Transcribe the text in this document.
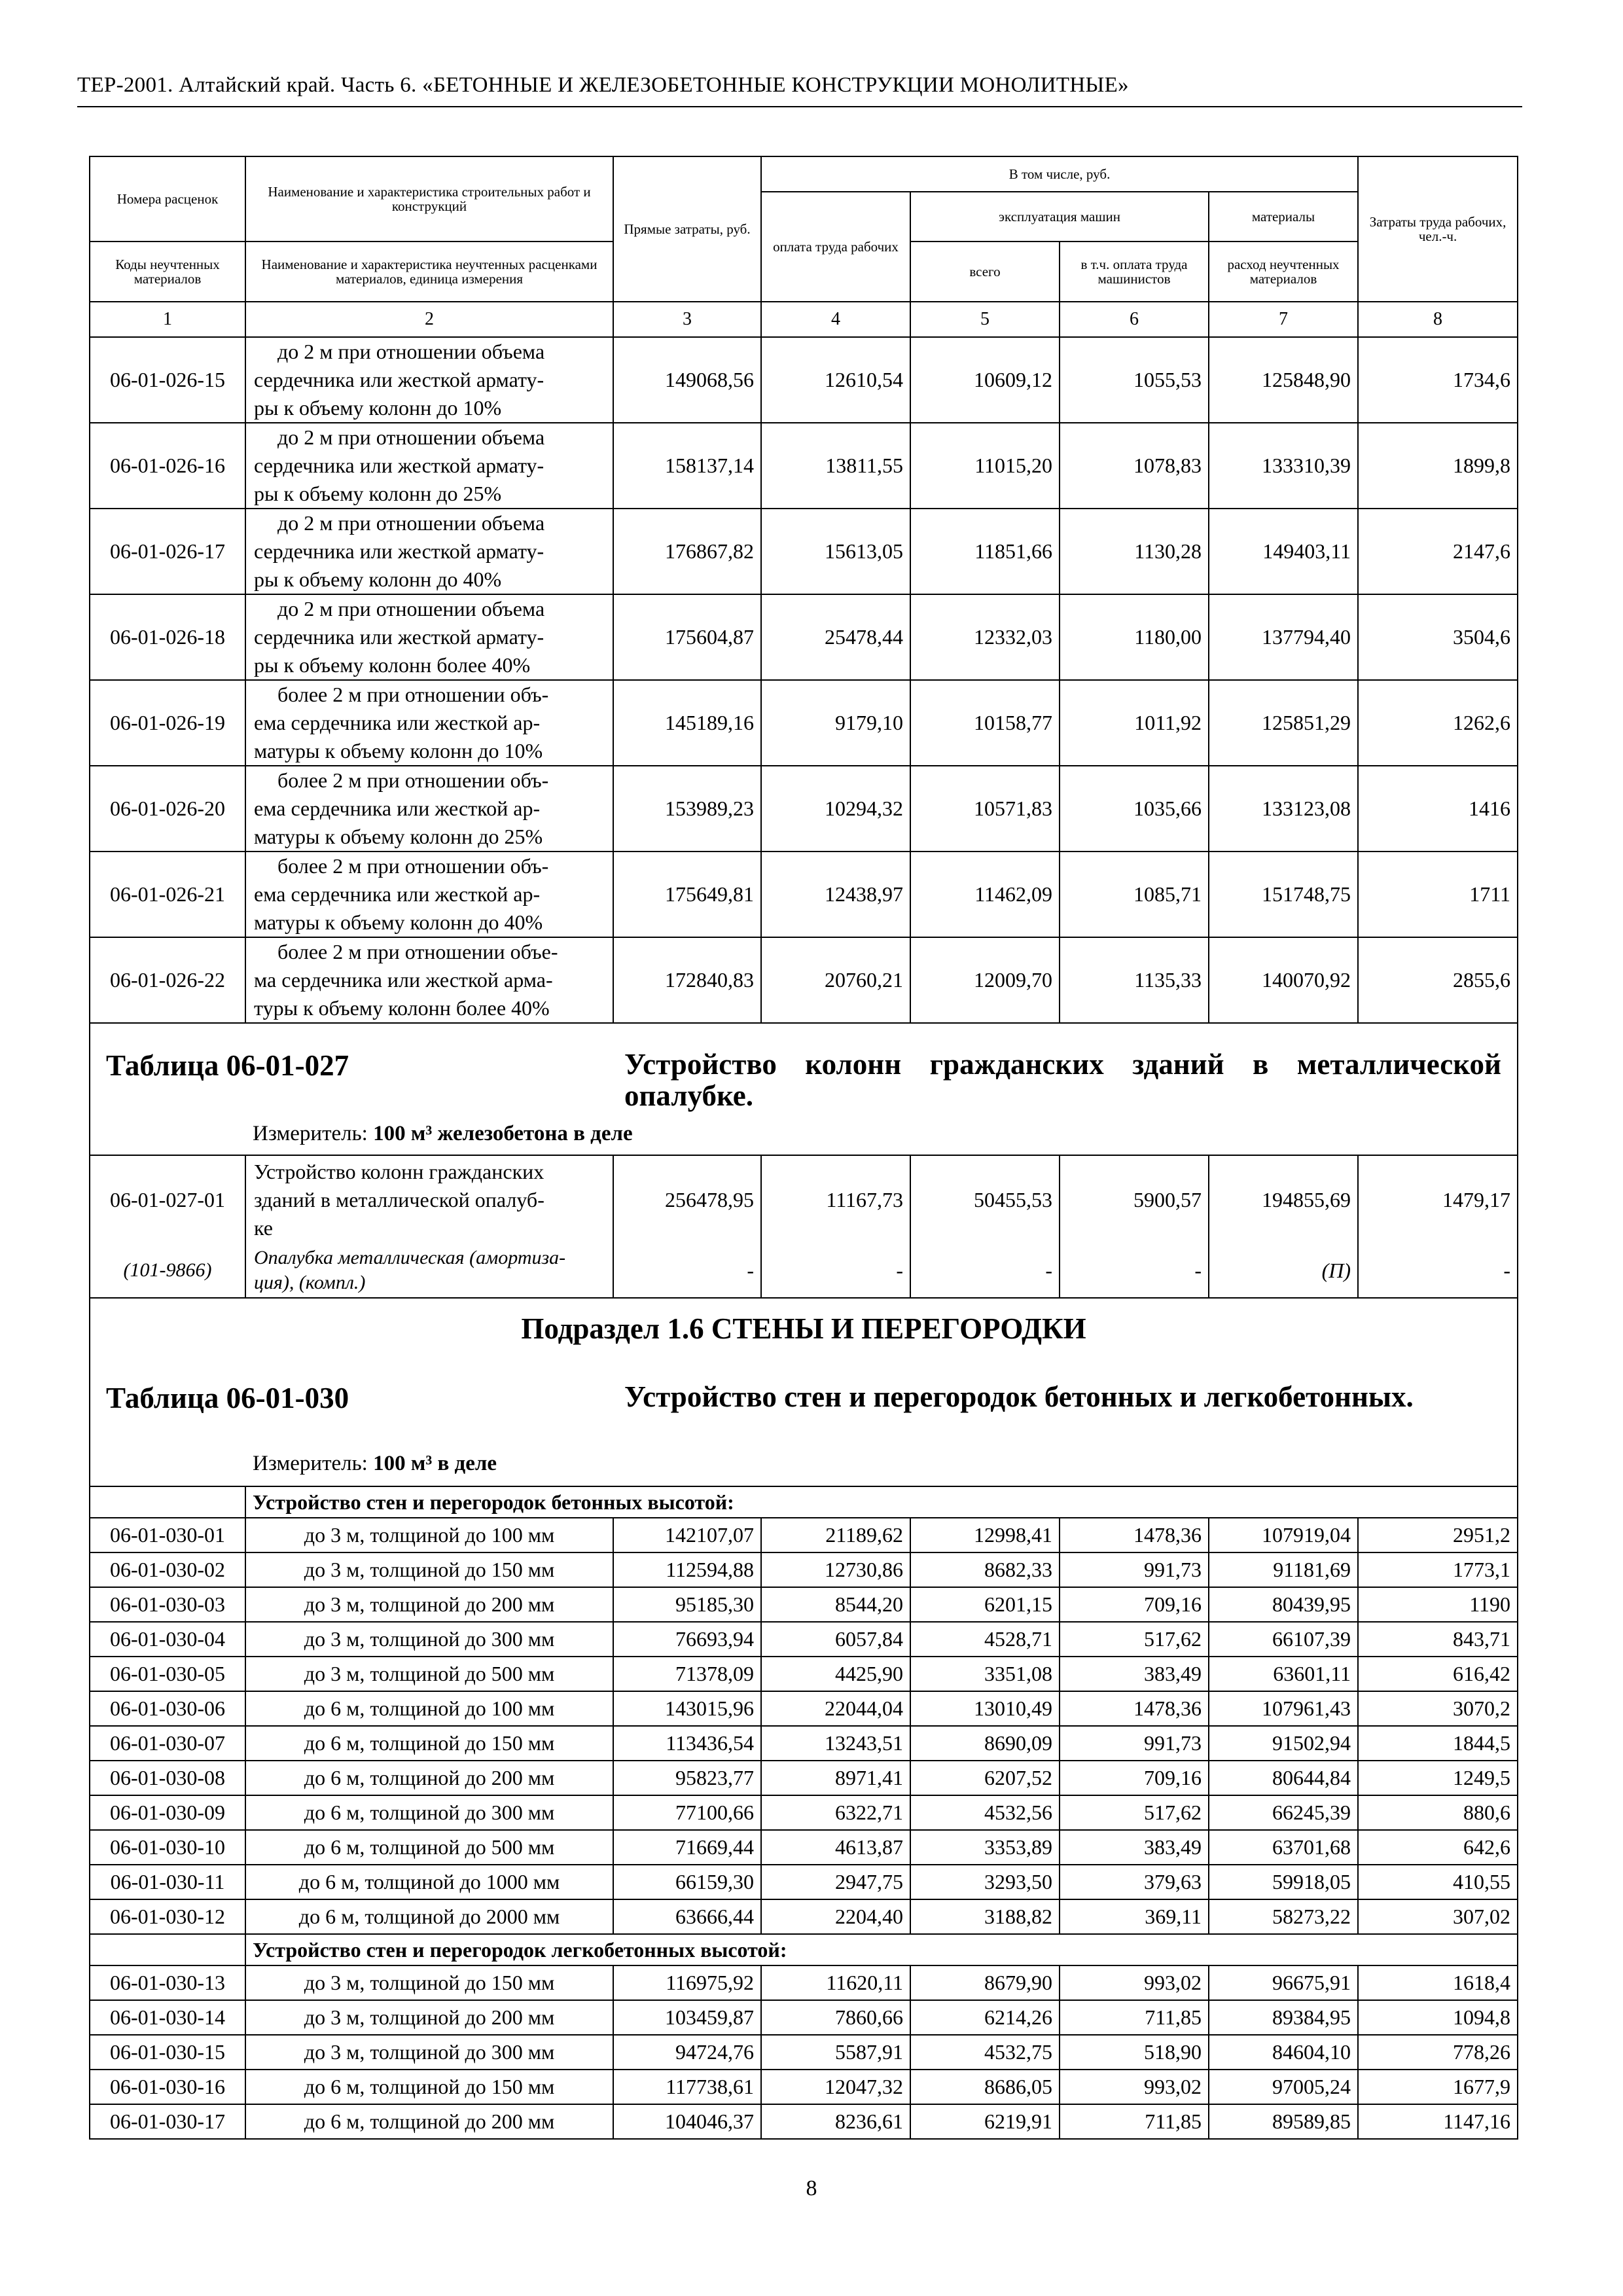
ТЕР-2001. Алтайский край. Часть 6. «БЕТОННЫЕ И ЖЕЛЕЗОБЕТОННЫЕ КОНСТРУКЦИИ МОНОЛИТНЫЕ»
Номера расценок	Наименование и характеристика строительных работ и конструкций	Прямые затраты, руб.	В том числе, руб.				Затраты труда рабочих, чел.-ч.
			оплата труда рабочих	эксплуатация машин		материалы	
Коды неучтенных материалов	Наименование и характеристика неучтенных расценками материалов, единица измерения			всего	в т.ч. оплата труда машинистов	расход неучтенных материалов	
1	2	3	4	5	6	7	8
06-01-026-15	до 2 м при отношении объема
сердечника или жесткой армату-
ры к объему колонн до 10%	149068,56	12610,54	10609,12	1055,53	125848,90	1734,6
06-01-026-16	до 2 м при отношении объема
сердечника или жесткой армату-
ры к объему колонн до 25%	158137,14	13811,55	11015,20	1078,83	133310,39	1899,8
06-01-026-17	до 2 м при отношении объема
сердечника или жесткой армату-
ры к объему колонн до 40%	176867,82	15613,05	11851,66	1130,28	149403,11	2147,6
06-01-026-18	до 2 м при отношении объема
сердечника или жесткой армату-
ры к объему колонн более 40%	175604,87	25478,44	12332,03	1180,00	137794,40	3504,6
06-01-026-19	более 2 м при отношении объ-
ема сердечника или жесткой ар-
матуры к объему колонн до 10%	145189,16	9179,10	10158,77	1011,92	125851,29	1262,6
06-01-026-20	более 2 м при отношении объ-
ема сердечника или жесткой ар-
матуры к объему колонн до 25%	153989,23	10294,32	10571,83	1035,66	133123,08	1416
06-01-026-21	более 2 м при отношении объ-
ема сердечника или жесткой ар-
матуры к объему колонн до 40%	175649,81	12438,97	11462,09	1085,71	151748,75	1711
06-01-026-22	более 2 м при отношении объе-
ма сердечника или жесткой арма-
туры к объему колонн более 40%	172840,83	20760,21	12009,70	1135,33	140070,92	2855,6

Таблица 06-01-027 Устройство колонн гражданских зданий в металлической опалубке.
Измеритель: 100 м³ железобетона в деле							

06-01-027-01	Устройство колонн гражданских
зданий в металлической опалуб-
ке	256478,95	11167,73	50455,53	5900,57	194855,69	1479,17
(101-9866)	Опалубка металлическая (амортиза-
ция), (компл.)	-	-	-	-	(П)	-

Подраздел 1.6 СТЕНЫ И ПЕРЕГОРОДКИ
Таблица 06-01-030 Устройство стен и перегородок бетонных и легкобетонных.
Измеритель: 100 м³ в деле							

	Устройство стен и перегородок бетонных высотой:						
06-01-030-01	до 3 м, толщиной до 100 мм	142107,07	21189,62	12998,41	1478,36	107919,04	2951,2
06-01-030-02	до 3 м, толщиной до 150 мм	112594,88	12730,86	8682,33	991,73	91181,69	1773,1
06-01-030-03	до 3 м, толщиной до 200 мм	95185,30	8544,20	6201,15	709,16	80439,95	1190
06-01-030-04	до 3 м, толщиной до 300 мм	76693,94	6057,84	4528,71	517,62	66107,39	843,71
06-01-030-05	до 3 м, толщиной до 500 мм	71378,09	4425,90	3351,08	383,49	63601,11	616,42
06-01-030-06	до 6 м, толщиной до 100 мм	143015,96	22044,04	13010,49	1478,36	107961,43	3070,2
06-01-030-07	до 6 м, толщиной до 150 мм	113436,54	13243,51	8690,09	991,73	91502,94	1844,5
06-01-030-08	до 6 м, толщиной до 200 мм	95823,77	8971,41	6207,52	709,16	80644,84	1249,5
06-01-030-09	до 6 м, толщиной до 300 мм	77100,66	6322,71	4532,56	517,62	66245,39	880,6
06-01-030-10	до 6 м, толщиной до 500 мм	71669,44	4613,87	3353,89	383,49	63701,68	642,6
06-01-030-11	до 6 м, толщиной до 1000 мм	66159,30	2947,75	3293,50	379,63	59918,05	410,55
06-01-030-12	до 6 м, толщиной до 2000 мм	63666,44	2204,40	3188,82	369,11	58273,22	307,02
	Устройство стен и перегородок легкобетонных высотой:						
06-01-030-13	до 3 м, толщиной до 150 мм	116975,92	11620,11	8679,90	993,02	96675,91	1618,4
06-01-030-14	до 3 м, толщиной до 200 мм	103459,87	7860,66	6214,26	711,85	89384,95	1094,8
06-01-030-15	до 3 м, толщиной до 300 мм	94724,76	5587,91	4532,75	518,90	84604,10	778,26
06-01-030-16	до 6 м, толщиной до 150 мм	117738,61	12047,32	8686,05	993,02	97005,24	1677,9
06-01-030-17	до 6 м, толщиной до 200 мм	104046,37	8236,61	6219,91	711,85	89589,85	1147,16
8
